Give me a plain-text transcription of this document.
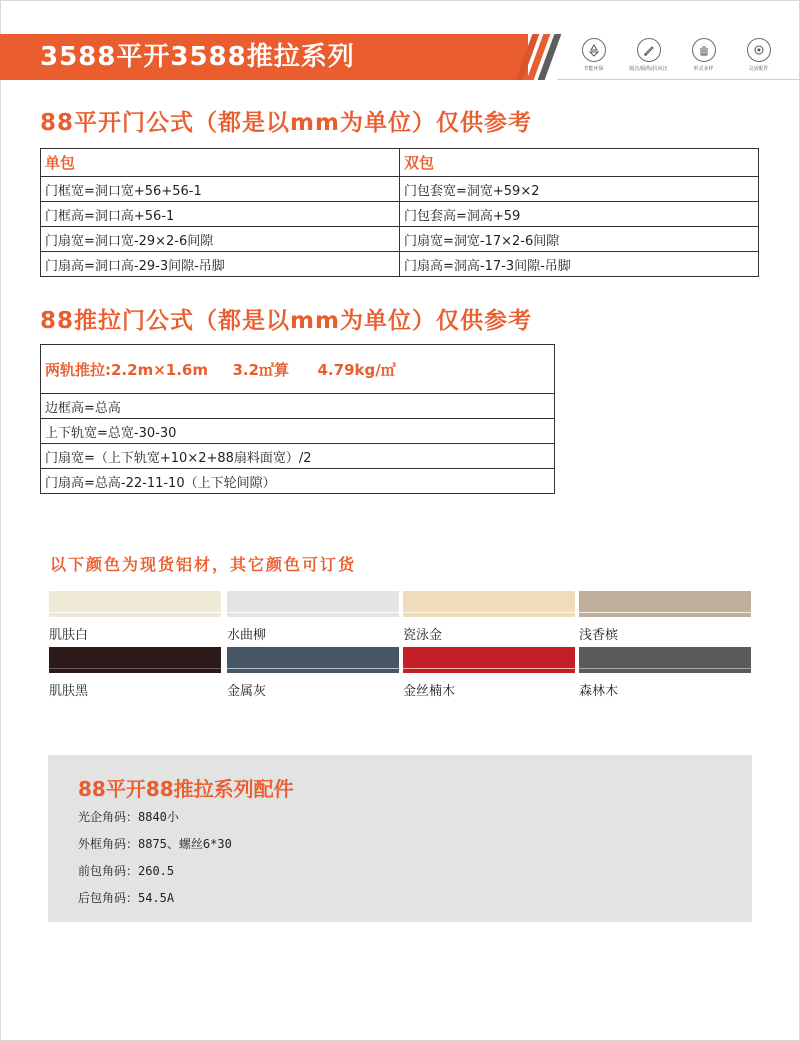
3588平开3588推拉系列	节能环保	隔音/隔热/抗风压	形式多样	灵活配件
88平开门公式（都是以mm为单位）仅供参考
单包	双包
门框宽=洞口宽+56+56-1	门包套宽=洞宽+59×2
门框高=洞口高+56-1	门包套高=洞高+59
门扇宽=洞口宽-29×2-6间隙	门扇宽=洞宽-17×2-6间隙
门扇高=洞口高-29-3间隙-吊脚	门扇高=洞高-17-3间隙-吊脚
88推拉门公式（都是以mm为单位）仅供参考
两轨推拉:2.2m×1.6m 3.2㎡算 4.79kg/㎡
边框高=总高
上下轨宽=总宽-30-30
门扇宽=（上下轨宽+10×2+88扇料面宽）/2
门扇高=总高-22-11-10（上下轮间隙）
以下颜色为现货铝材，其它颜色可订货
肌肤白	水曲柳	瓷泳金	浅香槟
肌肤黑	金属灰	金丝楠木	森林木
88平开88推拉系列配件
光企角码：8840小
外框角码：8875、螺丝6*30
前包角码：260.5
后包角码：54.5A
